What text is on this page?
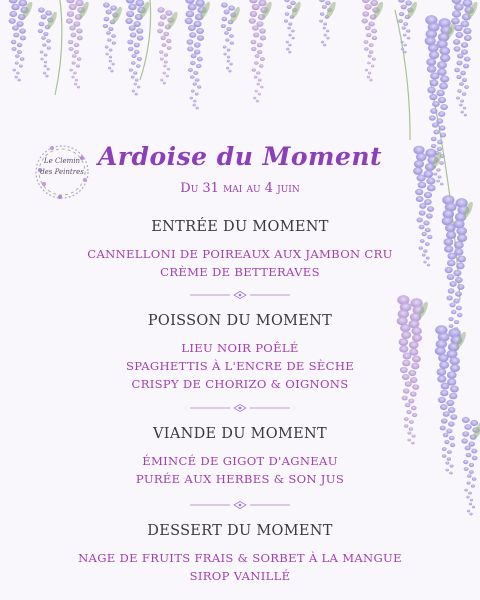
Le Clemin
des Peintres
Ardoise du Moment
Du 31 mai au 4 juin
ENTRÉE DU MOMENT
CANNELLONI DE POIREAUX AUX JAMBON CRU
CRÈME DE BETTERAVES
POISSON DU MOMENT
LIEU NOIR POÊLÉ
SPAGHETTIS À L'ENCRE DE SÈCHE
CRISPY DE CHORIZO & OIGNONS
VIANDE DU MOMENT
ÉMINCÉ DE GIGOT D'AGNEAU
PURÉE AUX HERBES & SON JUS
DESSERT DU MOMENT
NAGE DE FRUITS FRAIS & SORBET À LA MANGUE
SIROP VANILLÉ
